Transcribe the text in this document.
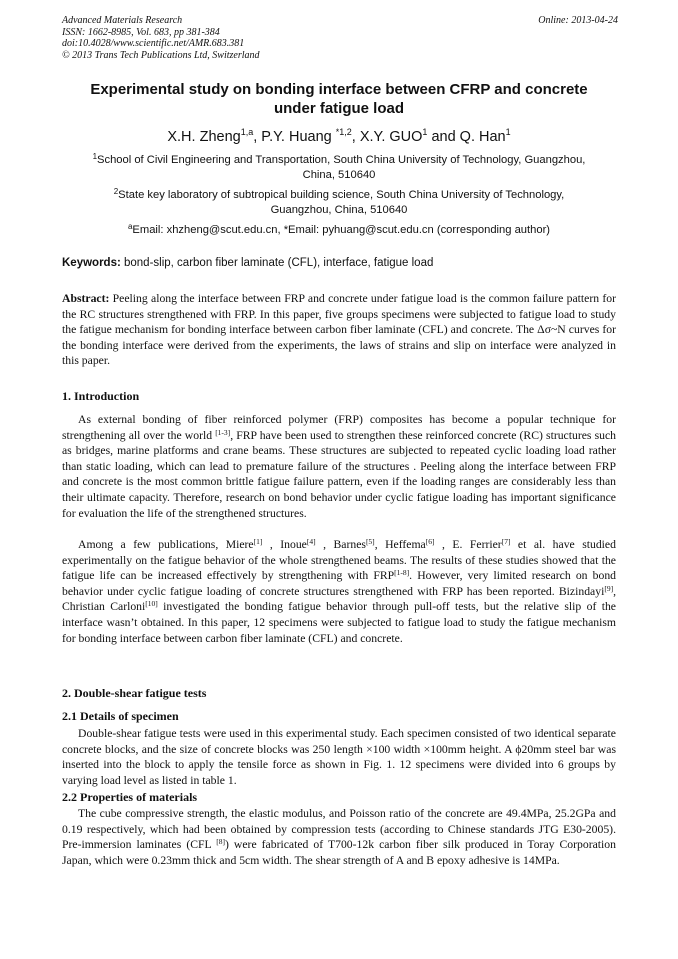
Advanced Materials Research
ISSN: 1662-8985, Vol. 683, pp 381-384
doi:10.4028/www.scientific.net/AMR.683.381
© 2013 Trans Tech Publications Ltd, Switzerland
Online: 2013-04-24
Experimental study on bonding interface between CFRP and concrete
under fatigue load
X.H. Zheng$^{1,a}$, P.Y. Huang $^{*1,2}$, X.Y. GUO$^1$ and Q. Han$^1$
$^1$School of Civil Engineering and Transportation, South China University of Technology, Guangzhou,
China, 510640
$^2$State key laboratory of subtropical building science, South China University of Technology,
Guangzhou, China, 510640
$^a$Email: xhzheng@scut.edu.cn, *Email: pyhuang@scut.edu.cn (corresponding author)
Keywords: bond-slip, carbon fiber laminate (CFL), interface, fatigue load
Abstract: Peeling along the interface between FRP and concrete under fatigue load is the common failure pattern for the RC structures strengthened with FRP. In this paper, five groups specimens were subjected to fatigue load to study the fatigue mechanism for bonding interface between carbon fiber laminate (CFL) and concrete. The Δσ~N curves for the bonding interface were derived from the experiments, the laws of strains and slip on interface were analyzed in this paper.
1. Introduction
As external bonding of fiber reinforced polymer (FRP) composites has become a popular technique for strengthening all over the world [1-3], FRP have been used to strengthen these reinforced concrete (RC) structures such as bridges, marine platforms and crane beams. These structures are subjected to repeated cyclic loading load rather than static loading, which can lead to premature failure of the structures . Peeling along the interface between FRP and concrete is the most common brittle fatigue failure pattern, even if the loading ranges are considerably less than their ultimate capacity. Therefore, research on bond behavior under cyclic fatigue loading has important significance for evaluation the life of the strengthened structures.
Among a few publications, Miere[1] , Inoue[4] , Barnes[5], Heffema[6] , E. Ferrier[7] et al. have studied experimentally on the fatigue behavior of the whole strengthened beams. The results of these studies showed that the fatigue life can be increased effectively by strengthening with FRP[1-8]. However, very limited research on bond behavior under cyclic fatigue loading of concrete structures strengthened with FRP has been reported. Bizindayi[9], Christian Carloni[10] investigated the bonding fatigue behavior through pull-off tests, but the relative slip of the interface wasn’t obtained. In this paper, 12 specimens were subjected to fatigue load to study the fatigue mechanism for bonding interface between carbon fiber laminate (CFL) and concrete.
2. Double-shear fatigue tests
2.1 Details of specimen
Double-shear fatigue tests were used in this experimental study. Each specimen consisted of two identical separate concrete blocks, and the size of concrete blocks was 250 length ×100 width ×100mm height. A ϕ20mm steel bar was inserted into the block to apply the tensile force as shown in Fig. 1. 12 specimens were divided into 6 groups by varying load level as listed in table 1.
2.2 Properties of materials
The cube compressive strength, the elastic modulus, and Poisson ratio of the concrete are 49.4MPa, 25.2GPa and 0.19 respectively, which had been obtained by compression tests (according to Chinese standards JTG E30-2005). Pre-immersion laminates (CFL [8]) were fabricated of T700-12k carbon fiber silk produced in Toray Corporation Japan, which were 0.23mm thick and 5cm width. The shear strength of A and B epoxy adhesive is 14MPa.
